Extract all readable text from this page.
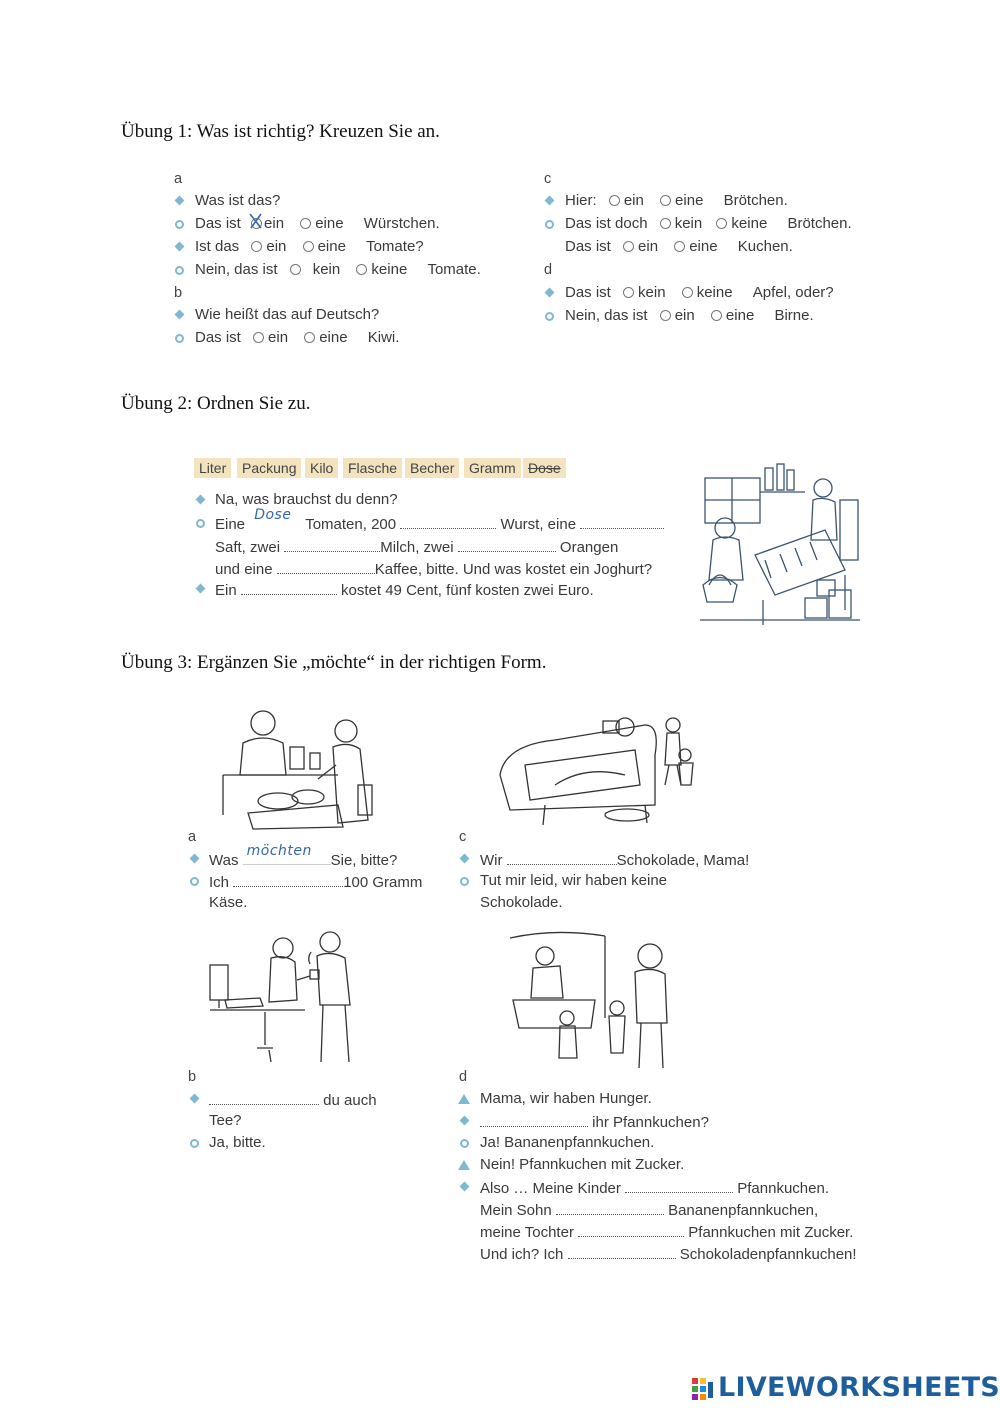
Übung 1: Was ist richtig? Kreuzen Sie an.
a
Was ist das?
Das ist ein eine Würstchen.
Ist das ein eine Tomate?
Nein, das ist kein keine Tomate.
b
Wie heißt das auf Deutsch?
Das ist ein eine Kiwi.
c
Hier: ein eine Brötchen.
Das ist doch kein keine Brötchen.
Das ist ein eine Kuchen.
d
Das ist kein keine Apfel, oder?
Nein, das ist ein eine Birne.
Übung 2: Ordnen Sie zu.
Liter	Packung Kilo	Flasche Becher	Gramm Dose
Na, was brauchst du denn?
Eine
Dose
Tomaten, 200	Wurst, eine
Saft, zwei	Milch, zwei	Orangen
und eine	Kaffee, bitte. Und was kostet ein Joghurt?
Ein	kostet 49 Cent, fünf kosten zwei Euro.
Übung 3: Ergänzen Sie „möchte“ in der richtigen Form.
a
Was
möchten
Sie, bitte?
Ich	100 Gramm
Käse.
c
Wir	Schokolade, Mama!
Tut mir leid, wir haben keine
Schokolade.
b
du auch
Tee?
Ja, bitte.
d
Mama, wir haben Hunger.
ihr Pfannkuchen?
Ja! Bananenpfannkuchen.
Nein! Pfannkuchen mit Zucker.
Also … Meine Kinder	Pfannkuchen.
Mein Sohn	Bananenpfannkuchen,
meine Tochter	Pfannkuchen mit Zucker.
Und ich? Ich	Schokoladenpfannkuchen!
LIVEWORKSHEETS
